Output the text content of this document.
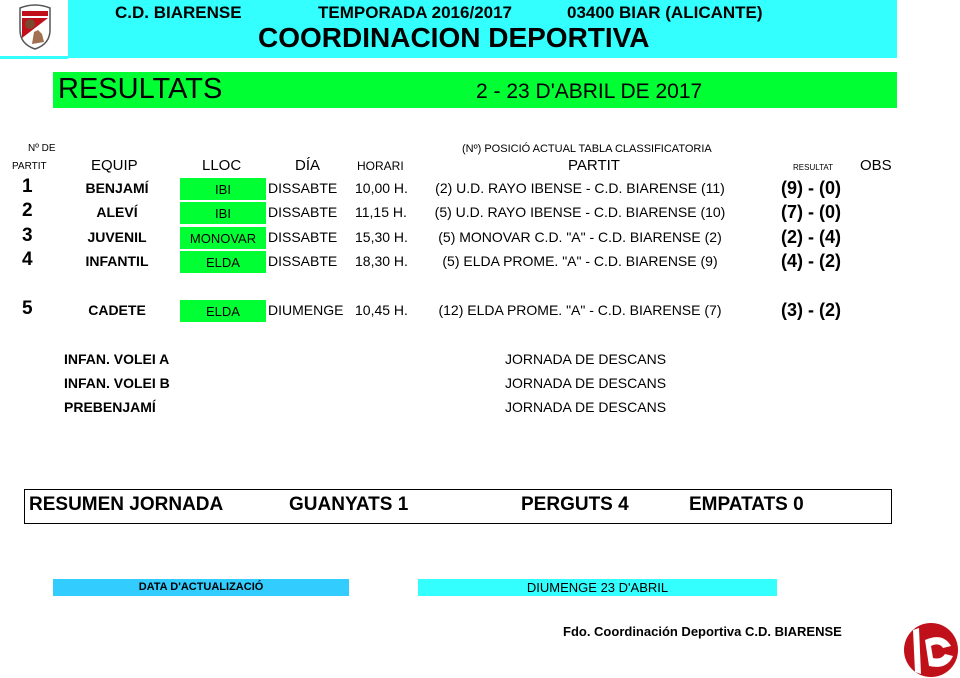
C.D. BIARENSE	TEMPORADA 2016/2017	03400 BIAR (ALICANTE)
COORDINACION DEPORTIVA
RESULTATS	2 - 23 D'ABRIL DE 2017
Nº DE
PARTIT	EQUIP	LLOC	DÍA	HORARI
(Nº) POSICIÓ ACTUAL TABLA CLASSIFICATORIA
PARTIT	RESULTAT OBS
1	BENJAMÍ	IBI	DISSABTE 10,00 H.	(2) U.D. RAYO IBENSE - C.D. BIARENSE (11)	(9) - (0)
2	ALEVÍ	IBI	DISSABTE 11,15 H.	(5) U.D. RAYO IBENSE - C.D. BIARENSE (10)	(7) - (0)
3	JUVENIL	MONOVAR DISSABTE 15,30 H.	(5) MONOVAR C.D. "A" - C.D. BIARENSE (2)	(2) - (4)
4	INFANTIL	ELDA	DISSABTE 18,30 H.	(5) ELDA PROME. "A" - C.D. BIARENSE (9)	(4) - (2)
5	CADETE	ELDA	DIUMENGE 10,45 H.	(12) ELDA PROME. "A" - C.D. BIARENSE (7)	(3) - (2)
INFAN. VOLEI A	JORNADA DE DESCANS
INFAN. VOLEI B	JORNADA DE DESCANS
PREBENJAMÍ	JORNADA DE DESCANS
RESUMEN JORNADA	GUANYATS 1	PERGUTS 4	EMPATATS 0
DATA D'ACTUALIZACIÓ	DIUMENGE 23 D'ABRIL
Fdo. Coordinación Deportiva C.D. BIARENSE
